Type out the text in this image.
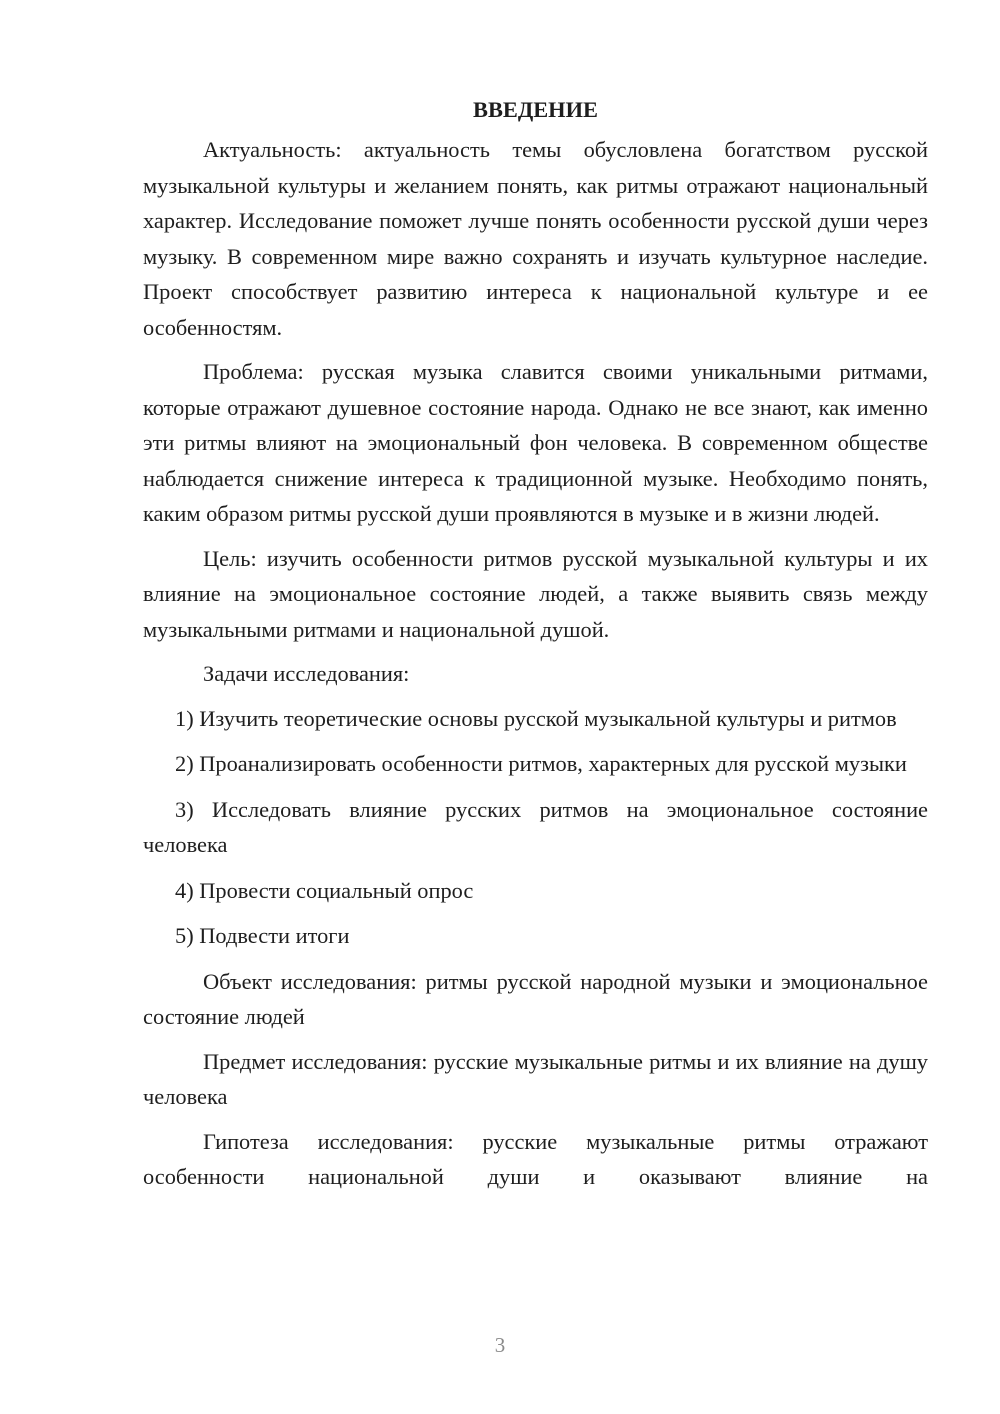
ВВЕДЕНИЕ

Актуальность: актуальность темы обусловлена богатством русской музыкальной культуры и желанием понять, как ритмы отражают национальный характер. Исследование поможет лучше понять особенности русской души через музыку. В современном мире важно сохранять и изучать культурное наследие. Проект способствует развитию интереса к национальной культуре и ее особенностям.

Проблема: русская музыка славится своими уникальными ритмами, которые отражают душевное состояние народа. Однако не все знают, как именно эти ритмы влияют на эмоциональный фон человека. В современном обществе наблюдается снижение интереса к традиционной музыке. Необходимо понять, каким образом ритмы русской души проявляются в музыке и в жизни людей.

Цель: изучить особенности ритмов русской музыкальной культуры и их влияние на эмоциональное состояние людей, а также выявить связь между музыкальными ритмами и национальной душой.

Задачи исследования:

1) Изучить теоретические основы русской музыкальной культуры и ритмов

2) Проанализировать особенности ритмов, характерных для русской музыки

3) Исследовать влияние русских ритмов на эмоциональное состояние человека

4) Провести социальный опрос

5) Подвести итоги

Объект исследования: ритмы русской народной музыки и эмоциональное состояние людей

Предмет исследования: русские музыкальные ритмы и их влияние на душу человека

Гипотеза исследования: русские музыкальные ритмы отражают особенности национальной души и оказывают влияние на

3
